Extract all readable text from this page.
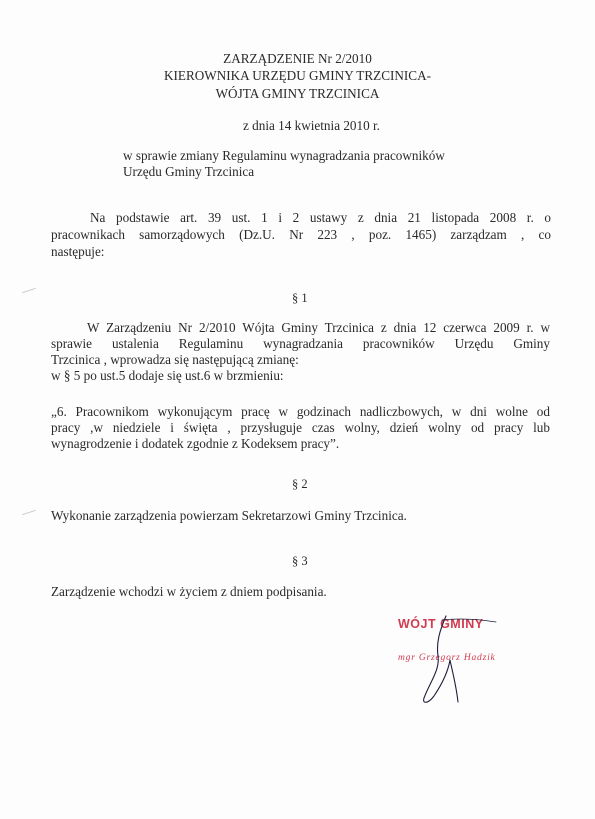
ZARZĄDZENIE Nr 2/2010

KIEROWNIKA URZĘDU GMINY TRZCINICA-

WÓJTA GMINY TRZCINICA

z dnia 14 kwietnia 2010 r.

w sprawie zmiany Regulaminu wynagradzania pracowników

Urzędu Gminy Trzcinica

Na podstawie art. 39 ust. 1 i 2 ustawy z dnia 21 listopada 2008 r. o

pracownikach samorządowych (Dz.U. Nr 223 , poz. 1465) zarządzam , co

następuje:

§ 1

W Zarządzeniu Nr 2/2010 Wójta Gminy Trzcinica z dnia 12 czerwca 2009 r. w

sprawie ustalenia Regulaminu wynagradzania pracowników Urzędu Gminy

Trzcinica , wprowadza się następującą zmianę:

w § 5 po ust.5 dodaje się ust.6 w brzmieniu:

„6. Pracownikom wykonującym pracę w godzinach nadliczbowych, w dni wolne od

pracy ,w niedziele i święta , przysługuje czas wolny, dzień wolny od pracy lub

wynagrodzenie i dodatek zgodnie z Kodeksem pracy”.

§ 2

Wykonanie zarządzenia powierzam Sekretarzowi Gminy Trzcinica.

§ 3

Zarządzenie wchodzi w życiem z dniem podpisania.

WÓJT GMINY
mgr Grzegorz Hadzik
